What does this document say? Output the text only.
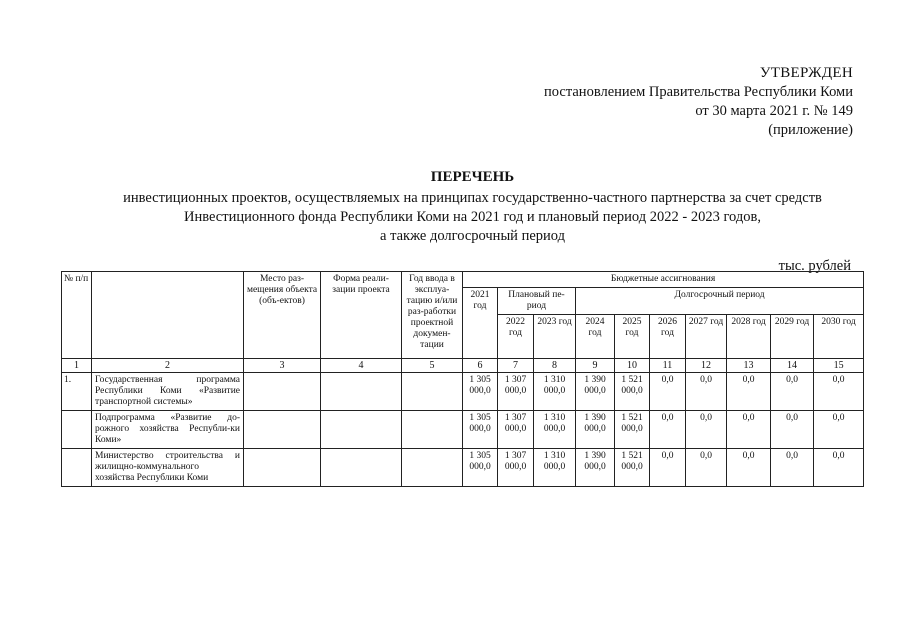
УТВЕРЖДЕН
постановлением Правительства Республики Коми
от 30 марта 2021 г. № 149
(приложение)
ПЕРЕЧЕНЬ
инвестиционных проектов, осуществляемых на принципах государственно-частного партнерства за счет средств
Инвестиционного фонда Республики Коми на 2021 год и плановый период 2022 - 2023 годов,
а также долгосрочный период
тыс. рублей
№ п/п		Место раз-мещения объекта (объ-ектов)	Форма реали-зации проекта	Год ввода в эксплуа-тацию и/или раз-работки проектной докумен-тации	Бюджетные ассигнования									
					2021 год	Плановый пе-риод		Долгосрочный период						
						2022 год	2023 год	2024 год	2025 год	2026 год	2027 год	2028 год	2029 год	2030 год
1	2	3	4	5	6	7	8	9	10	11	12	13	14	15
1.	Государственная программа Республики Коми «Развитие транспортной системы»				1 305 000,0	1 307 000,0	1 310 000,0	1 390 000,0	1 521 000,0	0,0	0,0	0,0	0,0	0,0
	Подпрограмма «Развитие до-рожного хозяйства Республи-ки Коми»				1 305 000,0	1 307 000,0	1 310 000,0	1 390 000,0	1 521 000,0	0,0	0,0	0,0	0,0	0,0
	Министерство строительства и жилищно-коммунального хозяйства Республики Коми				1 305 000,0	1 307 000,0	1 310 000,0	1 390 000,0	1 521 000,0	0,0	0,0	0,0	0,0	0,0
